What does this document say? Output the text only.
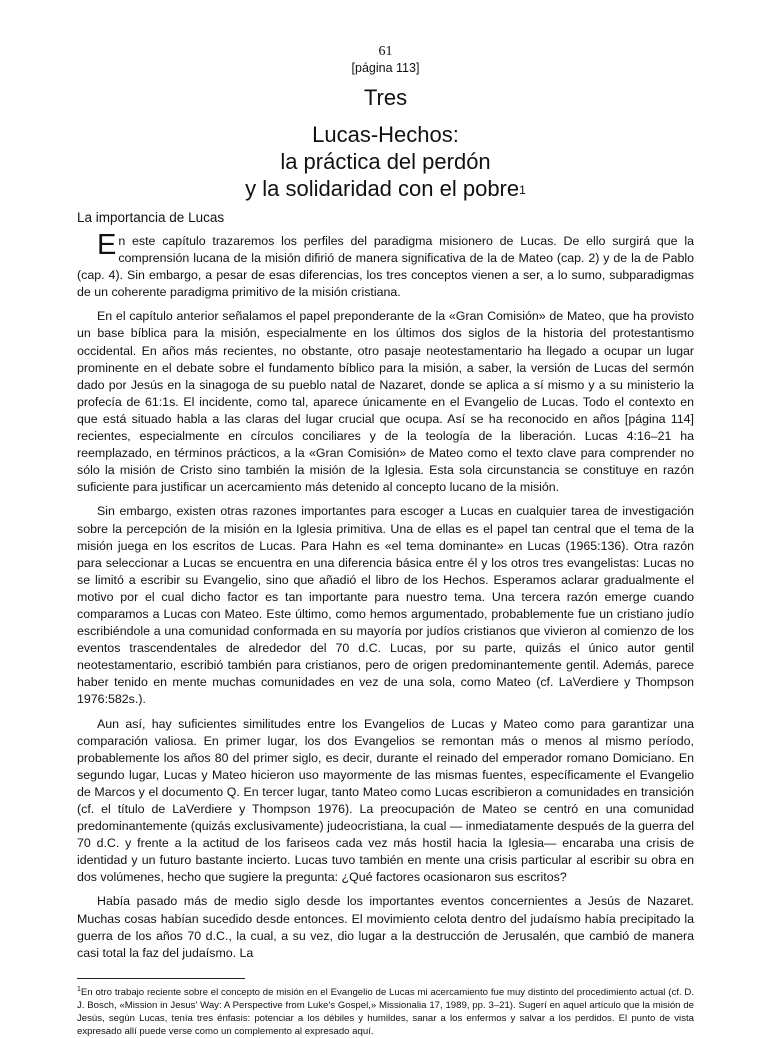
61
[página 113]
Tres
Lucas-Hechos:
la práctica del perdón
y la solidaridad con el pobre$^1$
La importancia de Lucas

En este capítulo trazaremos los perfiles del paradigma misionero de Lucas. De ello surgirá que la comprensión lucana de la misión difirió de manera significativa de la de Mateo (cap. 2) y de la de Pablo (cap. 4). Sin embargo, a pesar de esas diferencias, los tres conceptos vienen a ser, a lo sumo, subparadigmas de un coherente paradigma primitivo de la misión cristiana.

En el capítulo anterior señalamos el papel preponderante de la «Gran Comisión» de Mateo, que ha provisto un base bíblica para la misión, especialmente en los últimos dos siglos de la historia del protestantismo occidental. En años más recientes, no obstante, otro pasaje neotestamentario ha llegado a ocupar un lugar prominente en el debate sobre el fundamento bíblico para la misión, a saber, la versión de Lucas del sermón dado por Jesús en la sinagoga de su pueblo natal de Nazaret, donde se aplica a sí mismo y a su ministerio la profecía de 61:1s. El incidente, como tal, aparece únicamente en el Evangelio de Lucas. Todo el contexto en que está situado habla a las claras del lugar crucial que ocupa. Así se ha reconocido en años [página 114] recientes, especialmente en círculos conciliares y de la teología de la liberación. Lucas 4:16–21 ha reemplazado, en términos prácticos, a la «Gran Comisión» de Mateo como el texto clave para comprender no sólo la misión de Cristo sino también la misión de la Iglesia. Esta sola circunstancia se constituye en razón suficiente para justificar un acercamiento más detenido al concepto lucano de la misión.

Sin embargo, existen otras razones importantes para escoger a Lucas en cualquier tarea de investigación sobre la percepción de la misión en la Iglesia primitiva. Una de ellas es el papel tan central que el tema de la misión juega en los escritos de Lucas. Para Hahn es «el tema dominante» en Lucas (1965:136). Otra razón para seleccionar a Lucas se encuentra en una diferencia básica entre él y los otros tres evangelistas: Lucas no se limitó a escribir su Evangelio, sino que añadió el libro de los Hechos. Esperamos aclarar gradualmente el motivo por el cual dicho factor es tan importante para nuestro tema. Una tercera razón emerge cuando comparamos a Lucas con Mateo. Este último, como hemos argumentado, probablemente fue un cristiano judío escribiéndole a una comunidad conformada en su mayoría por judíos cristianos que vivieron al comienzo de los eventos trascendentales de alrededor del 70 d.C. Lucas, por su parte, quizás el único autor gentil neotestamentario, escribió también para cristianos, pero de origen predominantemente gentil. Además, parece haber tenido en mente muchas comunidades en vez de una sola, como Mateo (cf. LaVerdiere y Thompson 1976:582s.).

Aun así, hay suficientes similitudes entre los Evangelios de Lucas y Mateo como para garantizar una comparación valiosa. En primer lugar, los dos Evangelios se remontan más o menos al mismo período, probablemente los años 80 del primer siglo, es decir, durante el reinado del emperador romano Domiciano. En segundo lugar, Lucas y Mateo hicieron uso mayormente de las mismas fuentes, específicamente el Evangelio de Marcos y el documento Q. En tercer lugar, tanto Mateo como Lucas escribieron a comunidades en transición (cf. el título de LaVerdiere y Thompson 1976). La preocupación de Mateo se centró en una comunidad predominantemente (quizás exclusivamente) judeocristiana, la cual — inmediatamente después de la guerra del 70 d.C. y frente a la actitud de los fariseos cada vez más hostil hacia la Iglesia— encaraba una crisis de identidad y un futuro bastante incierto. Lucas tuvo también en mente una crisis particular al escribir su obra en dos volúmenes, hecho que sugiere la pregunta: ¿Qué factores ocasionaron sus escritos?

Había pasado más de medio siglo desde los importantes eventos concernientes a Jesús de Nazaret. Muchas cosas habían sucedido desde entonces. El movimiento celota dentro del judaísmo había precipitado la guerra de los años 70 d.C., la cual, a su vez, dio lugar a la destrucción de Jerusalén, que cambió de manera casi total la faz del judaísmo. La

$^1$En otro trabajo reciente sobre el concepto de misión en el Evangelio de Lucas mi acercamiento fue muy distinto del procedimiento actual (cf. D. J. Bosch, «Mission in Jesus' Way: A Perspective from Luke's Gospel,» Missionalia 17, 1989, pp. 3–21). Sugerí en aquel artículo que la misión de Jesús, según Lucas, tenía tres énfasis: potenciar a los débiles y humildes, sanar a los enfermos y salvar a los perdidos. El punto de vista expresado allí puede verse como un complemento al expresado aquí.
